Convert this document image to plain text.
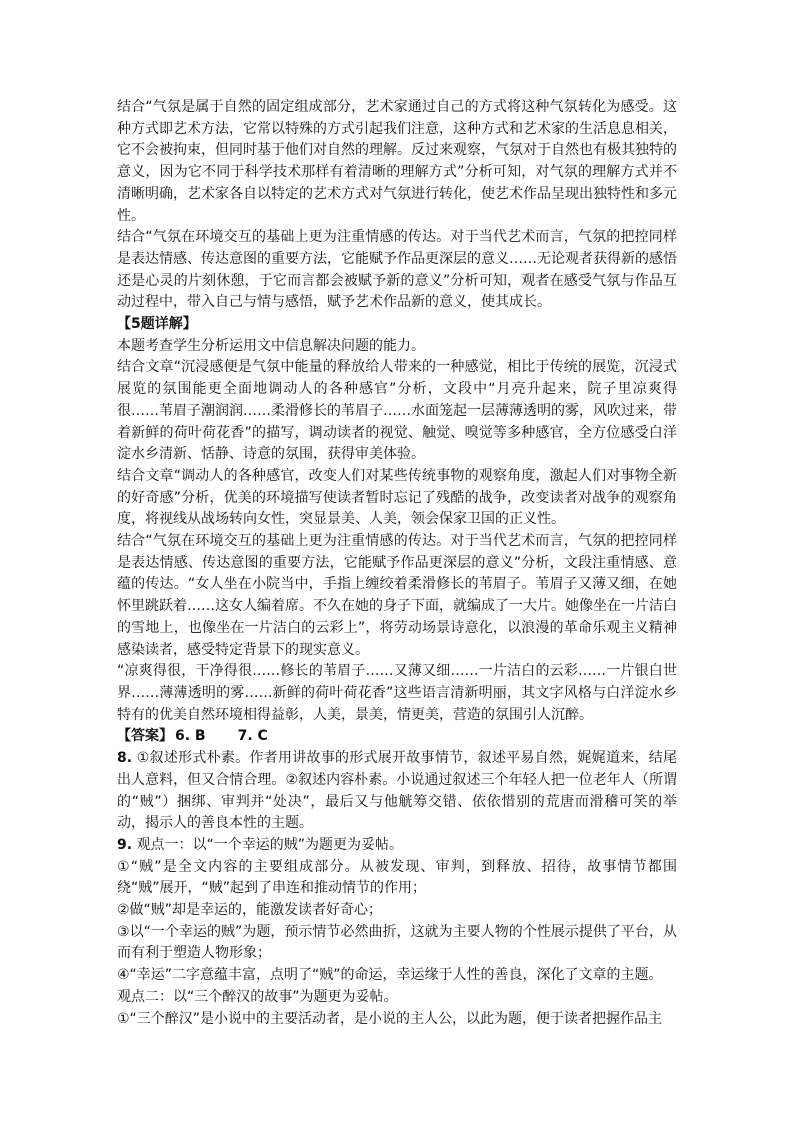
结合“气氛是属于自然的固定组成部分，艺术家通过自己的方式将这种气氛转化为感受。这种方式即艺术方法，它常以特殊的方式引起我们注意，这种方式和艺术家的生活息息相关，它不会被拘束，但同时基于他们对自然的理解。反过来观察，气氛对于自然也有极其独特的意义，因为它不同于科学技术那样有着清晰的理解方式”分析可知，对气氛的理解方式并不清晰明确，艺术家各自以特定的艺术方式对气氛进行转化，使艺术作品呈现出独特性和多元性。

结合“气氛在环境交互的基础上更为注重情感的传达。对于当代艺术而言，气氛的把控同样是表达情感、传达意图的重要方法，它能赋予作品更深层的意义……无论观者获得新的感悟还是心灵的片刻休憩，于它而言都会被赋予新的意义”分析可知，观者在感受气氛与作品互动过程中，带入自己与情与感悟，赋予艺术作品新的意义，使其成长。

【5题详解】

本题考查学生分析运用文中信息解决问题的能力。

结合文章“沉浸感便是气氛中能量的释放给人带来的一种感觉，相比于传统的展览，沉浸式展览的氛围能更全面地调动人的各种感官”分析，文段中“月亮升起来，院子里凉爽得很……苇眉子潮润润……柔滑修长的苇眉子……水面笼起一层薄薄透明的雾，风吹过来，带着新鲜的荷叶荷花香”的描写，调动读者的视觉、触觉、嗅觉等多种感官，全方位感受白洋淀水乡清新、恬静、诗意的氛围，获得审美体验。

结合文章“调动人的各种感官，改变人们对某些传统事物的观察角度，激起人们对事物全新的好奇感”分析，优美的环境描写使读者暂时忘记了残酷的战争，改变读者对战争的观察角度，将视线从战场转向女性，突显景美、人美，领会保家卫国的正义性。

结合“气氛在环境交互的基础上更为注重情感的传达。对于当代艺术而言，气氛的把控同样是表达情感、传达意图的重要方法，它能赋予作品更深层的意义”分析，文段注重情感、意蕴的传达。“女人坐在小院当中，手指上缠绞着柔滑修长的苇眉子。苇眉子又薄又细，在她怀里跳跃着……这女人编着席。不久在她的身子下面，就编成了一大片。她像坐在一片洁白的雪地上，也像坐在一片洁白的云彩上”，将劳动场景诗意化，以浪漫的革命乐观主义精神感染读者，感受特定背景下的现实意义。

“凉爽得很，干净得很……修长的苇眉子……又薄又细……一片洁白的云彩……一片银白世界……薄薄透明的雾……新鲜的荷叶荷花香”这些语言清新明丽，其文字风格与白洋淀水乡特有的优美自然环境相得益彰，人美，景美，情更美，营造的氛围引人沉醉。

【答案】 6. B 7. C

8. ①叙述形式朴素。作者用讲故事的形式展开故事情节，叙述平易自然，娓娓道来，结尾出人意料，但又合情合理。②叙述内容朴素。小说通过叙述三个年轻人把一位老年人（所谓的“贼”）捆绑、审判并“处决”，最后又与他觥筹交错、依依惜别的荒唐而滑稽可笑的举动，揭示人的善良本性的主题。

9. 观点一：以“一个幸运的贼”为题更为妥帖。

①“贼”是全文内容的主要组成部分。从被发现、审判，到释放、招待，故事情节都围绕“贼”展开，“贼”起到了串连和推动情节的作用；

②做“贼”却是幸运的，能激发读者好奇心；

③以“一个幸运的贼”为题，预示情节必然曲折，这就为主要人物的个性展示提供了平台，从而有利于塑造人物形象；

④“幸运”二字意蕴丰富，点明了“贼”的命运，幸运缘于人性的善良，深化了文章的主题。

观点二：以“三个醉汉的故事”为题更为妥帖。

①“三个醉汉”是小说中的主要活动者，是小说的主人公，以此为题，便于读者把握作品主
